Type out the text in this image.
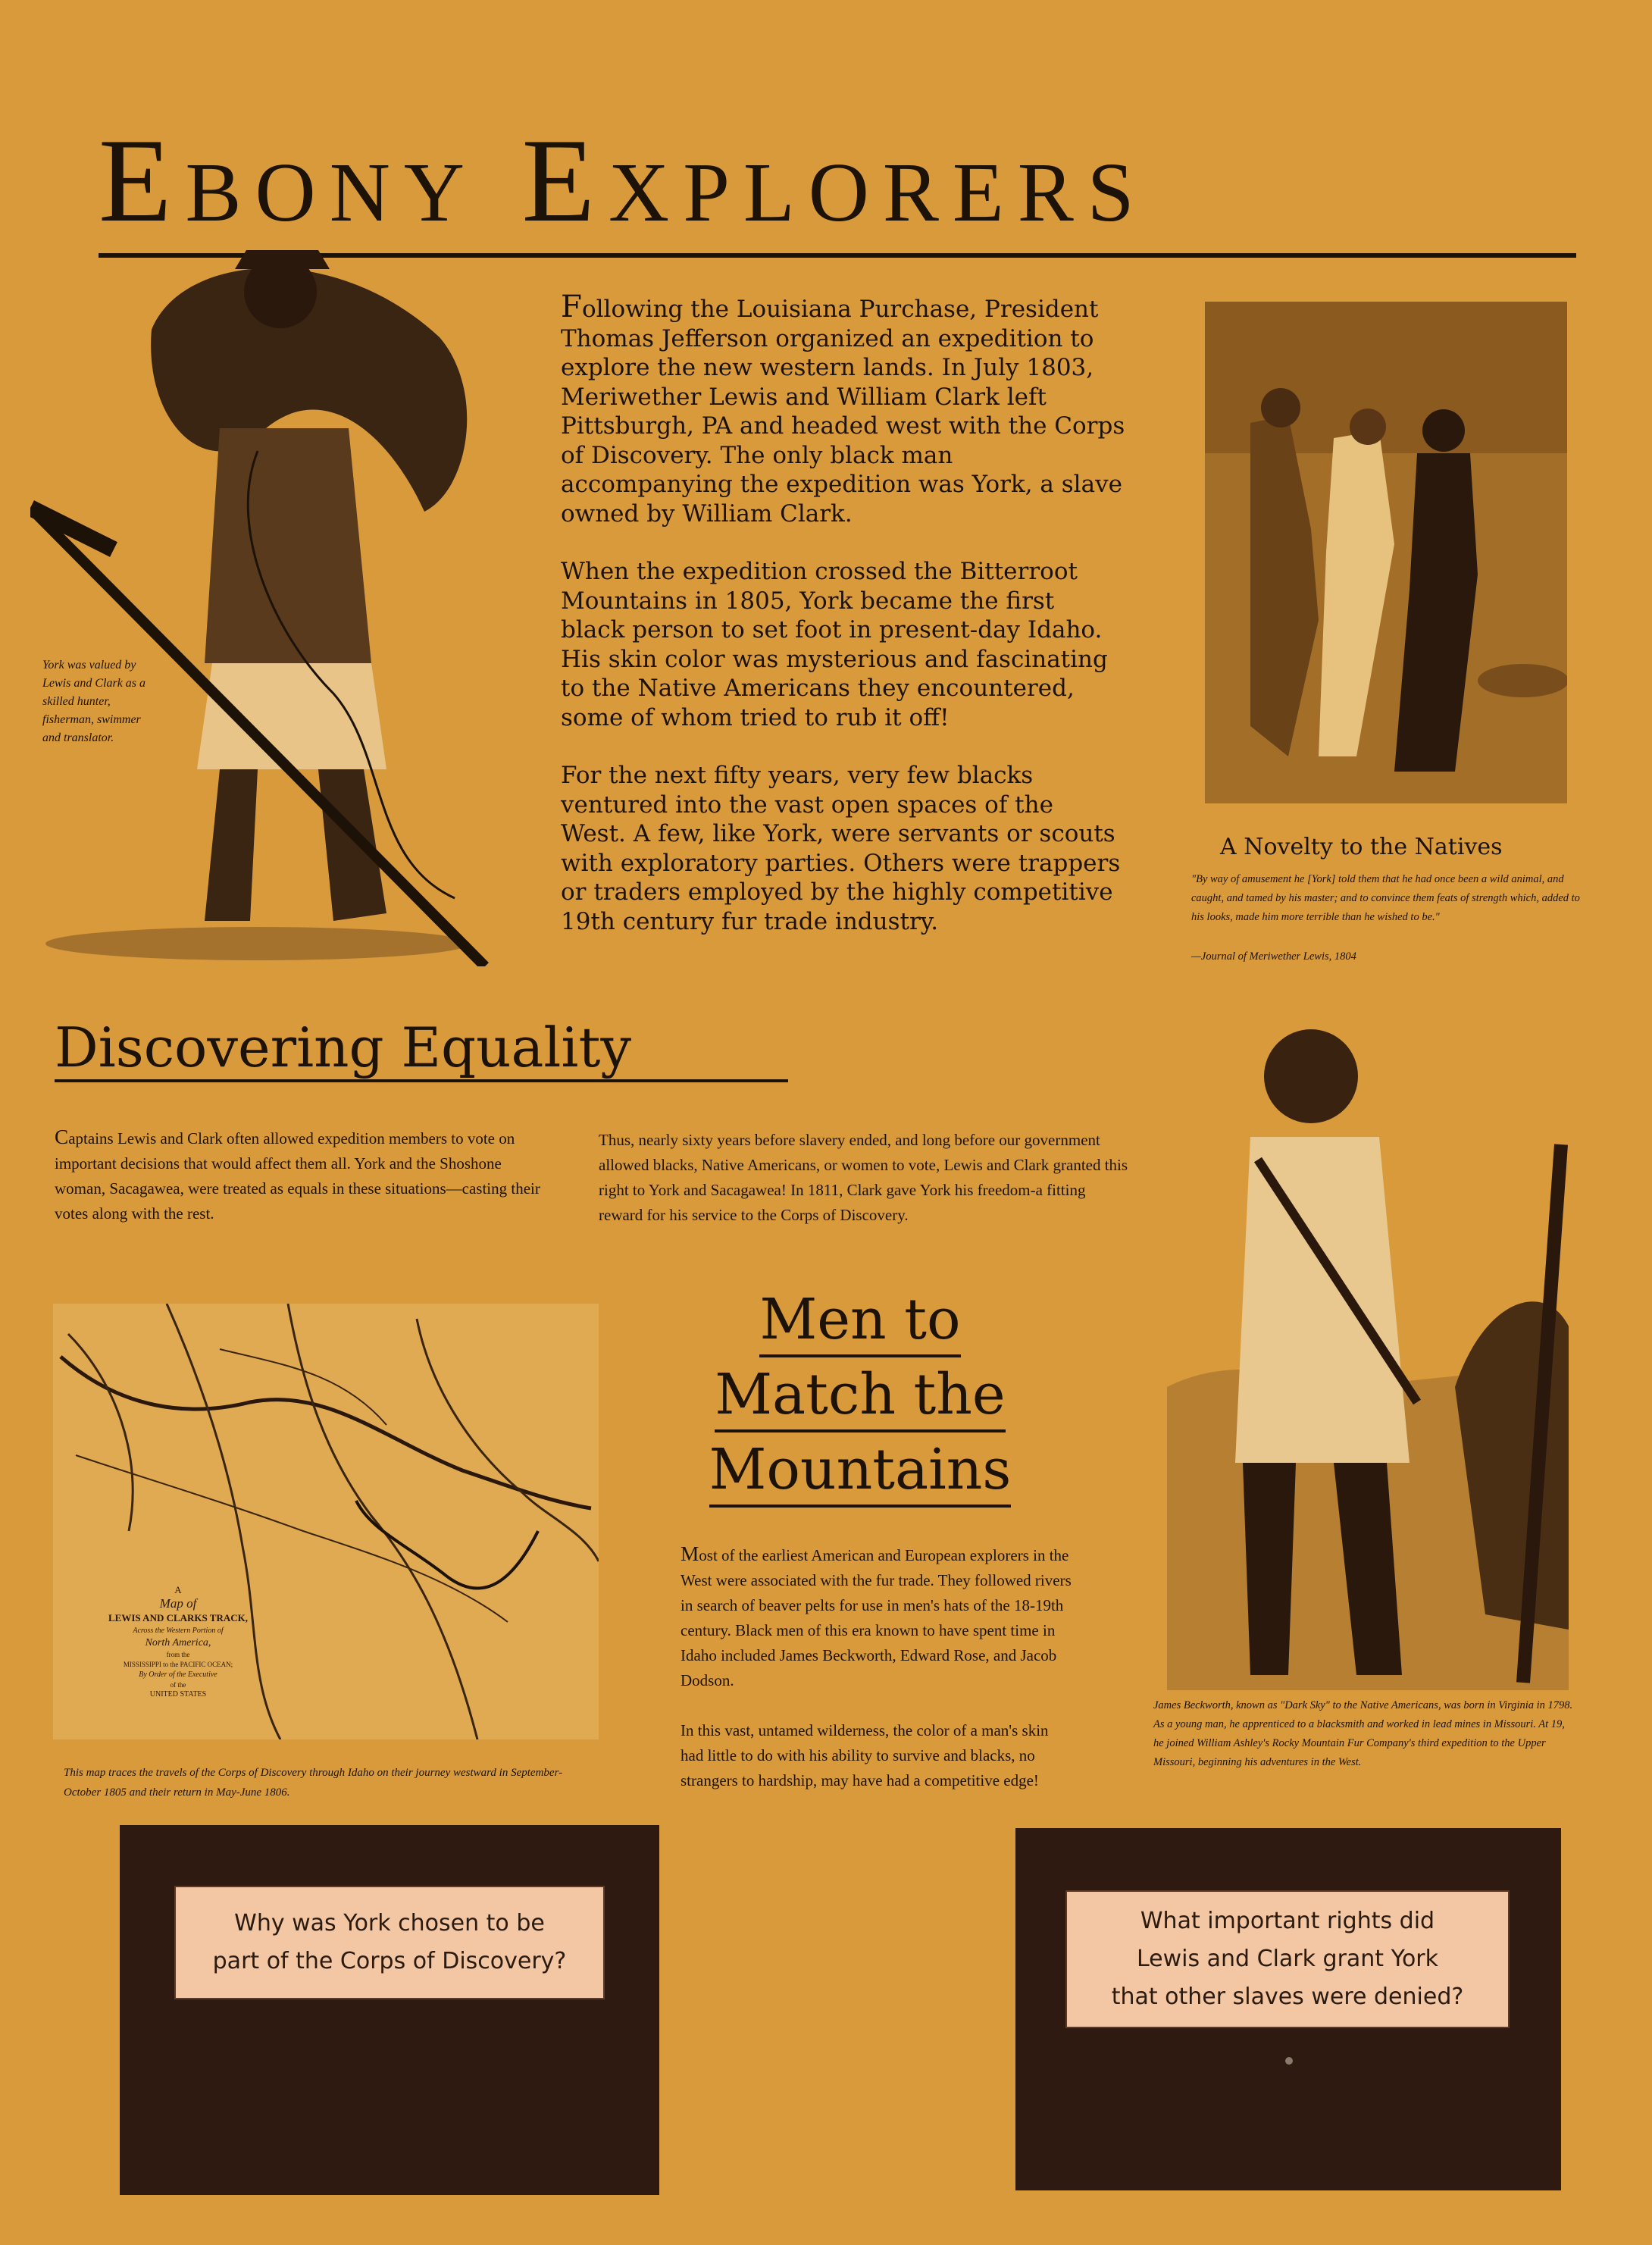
Ebony Explorers
York was valued by Lewis and Clark as a skilled hunter, fisherman, swimmer and translator.

Following the Louisiana Purchase, President Thomas Jefferson organized an expedition to explore the new western lands. In July 1803, Meriwether Lewis and William Clark left Pittsburgh, PA and headed west with the Corps of Discovery. The only black man accompanying the expedition was York, a slave owned by William Clark.

When the expedition crossed the Bitterroot Mountains in 1805, York became the first black person to set foot in present-day Idaho. His skin color was mysterious and fascinating to the Native Americans they encountered, some of whom tried to rub it off!

For the next fifty years, very few blacks ventured into the vast open spaces of the West. A few, like York, were servants or scouts with exploratory parties. Others were trappers or traders employed by the highly competitive 19th century fur trade industry.

A Novelty to the Natives
"By way of amusement he [York] told them that he had once been a wild animal, and caught, and tamed by his master; and to convince them feats of strength which, added to his looks, made him more terrible than he wished to be."
—Journal of Meriwether Lewis, 1804
Discovering Equality
Captains Lewis and Clark often allowed expedition members to vote on important decisions that would affect them all. York and the Shoshone woman, Sacagawea, were treated as equals in these situations—casting their votes along with the rest.
Thus, nearly sixty years before slavery ended, and long before our government allowed blacks, Native Americans, or women to vote, Lewis and Clark granted this right to York and Sacagawea! In 1811, Clark gave York his freedom-a fitting reward for his service to the Corps of Discovery.
James Beckworth, known as "Dark Sky" to the Native Americans, was born in Virginia in 1798. As a young man, he apprenticed to a blacksmith and worked in lead mines in Missouri. At 19, he joined William Ashley's Rocky Mountain Fur Company's third expedition to the Upper Missouri, beginning his adventures in the West.
A
Map of
LEWIS AND CLARKS TRACK,
Across the Western Portion of
North America,
from the
MISSISSIPPI to the PACIFIC OCEAN;
By Order of the Executive
of the
UNITED STATES
This map traces the travels of the Corps of Discovery through Idaho on their journey westward in September-October 1805 and their return in May-June 1806.
Men to
Match the
Mountains

Most of the earliest American and European explorers in the West were associated with the fur trade. They followed rivers in search of beaver pelts for use in men's hats of the 18-19th century. Black men of this era known to have spent time in Idaho included James Beckworth, Edward Rose, and Jacob Dodson.

In this vast, untamed wilderness, the color of a man's skin had little to do with his ability to survive and blacks, no strangers to hardship, may have had a competitive edge!

Why was York chosen to be
part of the Corps of Discovery?
What important rights did
Lewis and Clark grant York
that other slaves were denied?
